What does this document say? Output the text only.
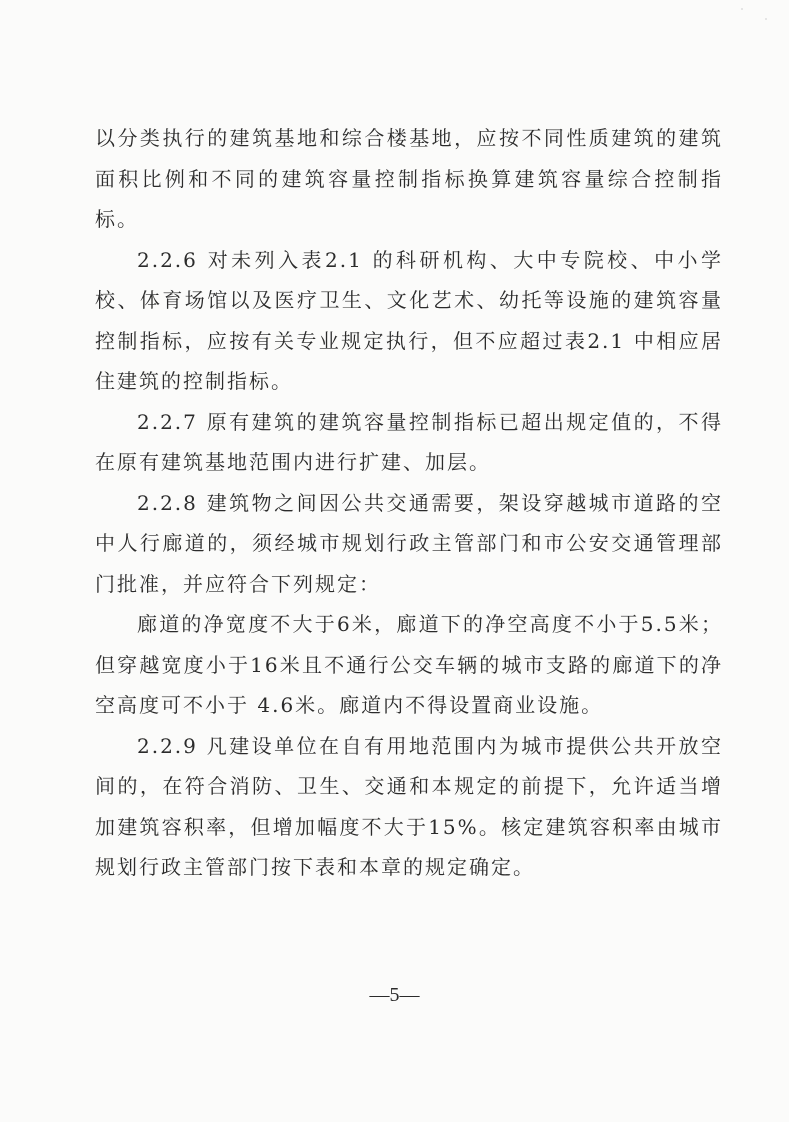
以分类执行的建筑基地和综合楼基地，应按不同性质建筑的建筑面积比例和不同的建筑容量控制指标换算建筑容量综合控制指标。

2.2.6 对未列入表2.1 的科研机构、大中专院校、中小学校、体育场馆以及医疗卫生、文化艺术、幼托等设施的建筑容量控制指标，应按有关专业规定执行，但不应超过表2.1 中相应居住建筑的控制指标。

2.2.7 原有建筑的建筑容量控制指标已超出规定值的，不得在原有建筑基地范围内进行扩建、加层。

2.2.8 建筑物之间因公共交通需要，架设穿越城市道路的空中人行廊道的，须经城市规划行政主管部门和市公安交通管理部门批准，并应符合下列规定：

廊道的净宽度不大于6米，廊道下的净空高度不小于5.5米；但穿越宽度小于16米且不通行公交车辆的城市支路的廊道下的净空高度可不小于 4.6米。廊道内不得设置商业设施。

2.2.9 凡建设单位在自有用地范围内为城市提供公共开放空间的，在符合消防、卫生、交通和本规定的前提下，允许适当增加建筑容积率，但增加幅度不大于15%。核定建筑容积率由城市规划行政主管部门按下表和本章的规定确定。

—5—
